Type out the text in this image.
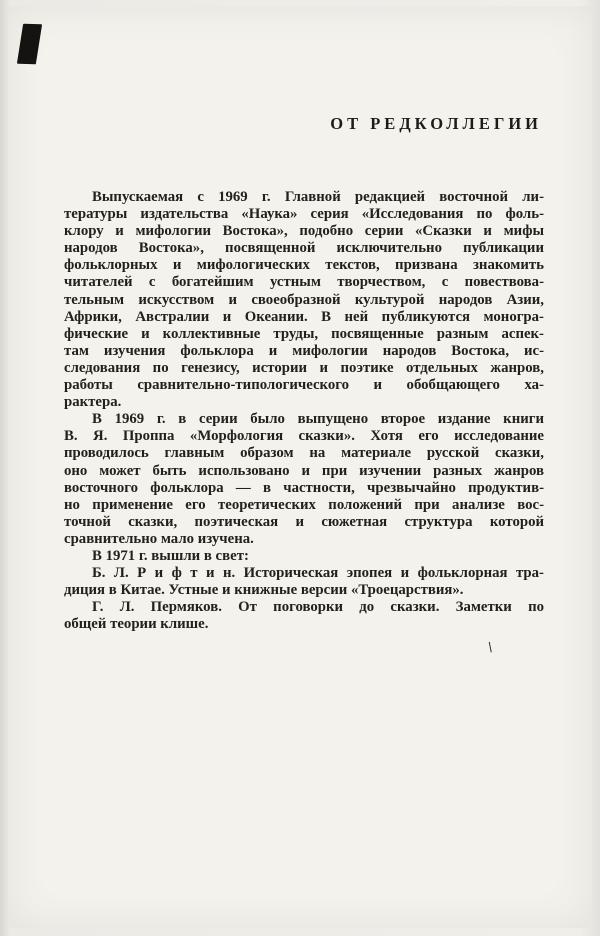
ОТ РЕДКОЛЛЕГИИ
Выпускаемая с 1969 г. Главной редакцией восточной ли-
тературы издательства «Наука» серия «Исследования по фоль-
клору и мифологии Востока», подобно серии «Сказки и мифы
народов Востока», посвященной исключительно публикации
фольклорных и мифологических текстов, призвана знакомить
читателей с богатейшим устным творчеством, с повествова-
тельным искусством и своеобразной культурой народов Азии,
Африки, Австралии и Океании. В ней публикуются моногра-
фические и коллективные труды, посвященные разным аспек-
там изучения фольклора и мифологии народов Востока, ис-
следования по генезису, истории и поэтике отдельных жанров,
работы сравнительно-типологического и обобщающего ха-
рактера.
В 1969 г. в серии было выпущено второе издание книги
В. Я. Проппа «Морфология сказки». Хотя его исследование
проводилось главным образом на материале русской сказки,
оно может быть использовано и при изучении разных жанров
восточного фольклора — в частности, чрезвычайно продуктив-
но применение его теоретических положений при анализе вос-
точной сказки, поэтическая и сюжетная структура которой
сравнительно мало изучена.
В 1971 г. вышли в свет:
Б. Л. Р и ф т и н. Историческая эпопея и фольклорная тра-
диция в Китае. Устные и книжные версии «Троецарствия».
Г. Л. Пермяков. От поговорки до сказки. Заметки по
общей теории клише.
\
